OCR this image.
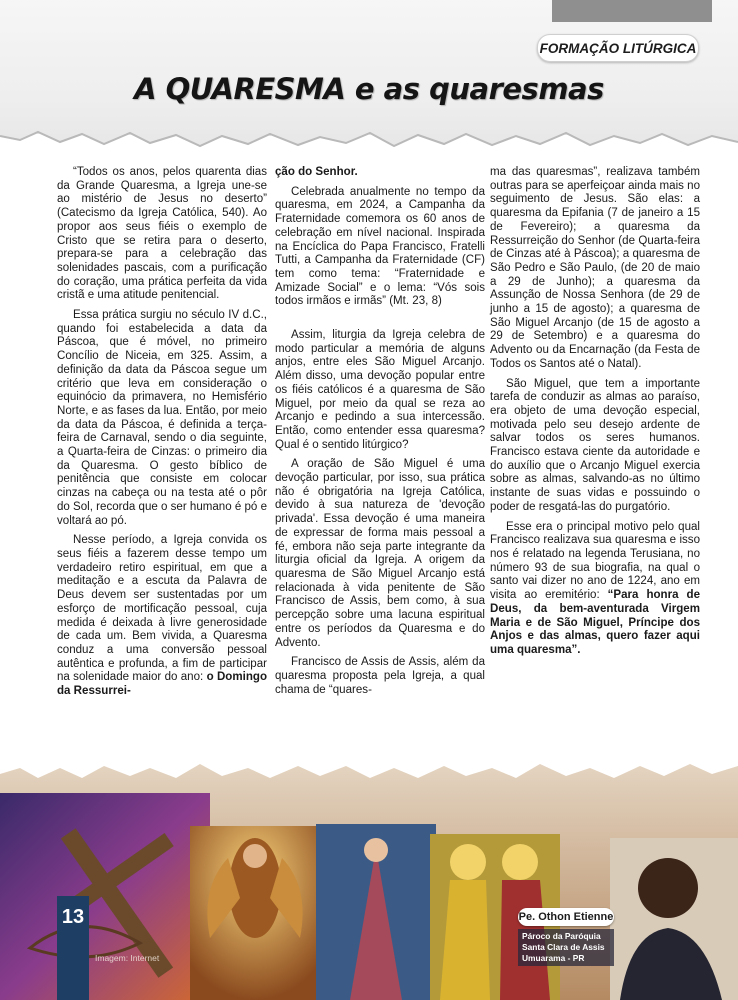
FORMAÇÃO LITÚRGICA
A QUARESMA e as quaresmas

“Todos os anos, pelos quarenta dias da Grande Quaresma, a Igreja une-se ao mistério de Jesus no deserto” (Catecismo da Igreja Católica, 540). Ao propor aos seus fiéis o exemplo de Cristo que se retira para o deserto, prepara-se para a celebração das solenidades pascais, com a purificação do coração, uma prática perfeita da vida cristã e uma atitude penitencial.

Essa prática surgiu no século IV d.C., quando foi estabelecida a data da Páscoa, que é móvel, no primeiro Concílio de Niceia, em 325. Assim, a definição da data da Páscoa segue um critério que leva em consideração o equinócio da primavera, no Hemisfério Norte, e as fases da lua. Então, por meio da data da Páscoa, é definida a terça-feira de Carnaval, sendo o dia seguinte, a Quarta-feira de Cinzas: o primeiro dia da Quaresma. O gesto bíblico de penitência que consiste em colocar cinzas na cabeça ou na testa até o pôr do Sol, recorda que o ser humano é pó e voltará ao pó.

Nesse período, a Igreja convida os seus fiéis a fazerem desse tempo um verdadeiro retiro espiritual, em que a meditação e a escuta da Palavra de Deus devem ser sustentadas por um esforço de mortificação pessoal, cuja medida é deixada à livre generosidade de cada um. Bem vivida, a Quaresma conduz a uma conversão pessoal autêntica e profunda, a fim de participar na solenidade maior do ano: o Domingo da Ressurrei-

ção do Senhor.

Celebrada anualmente no tempo da quaresma, em 2024, a Campanha da Fraternidade comemora os 60 anos de celebração em nível nacional. Inspirada na Encíclica do Papa Francisco, Fratelli Tutti, a Campanha da Fraternidade (CF) tem como tema: “Fraternidade e Amizade Social” e o lema: “Vós sois todos irmãos e irmãs” (Mt. 23, 8)

Assim, liturgia da Igreja celebra de modo particular a memória de alguns anjos, entre eles São Miguel Arcanjo. Além disso, uma devoção popular entre os fiéis católicos é a quaresma de São Miguel, por meio da qual se reza ao Arcanjo e pedindo a sua intercessão. Então, como entender essa quaresma? Qual é o sentido litúrgico?

A oração de São Miguel é uma devoção particular, por isso, sua prática não é obrigatória na Igreja Católica, devido à sua natureza de 'devoção privada'. Essa devoção é uma maneira de expressar de forma mais pessoal a fé, embora não seja parte integrante da liturgia oficial da Igreja. A origem da quaresma de São Miguel Arcanjo está relacionada à vida penitente de São Francisco de Assis, bem como, à sua percepção sobre uma lacuna espiritual entre os períodos da Quaresma e do Advento.

Francisco de Assis de Assis, além da quaresma proposta pela Igreja, a qual chama de “quares-

ma das quaresmas”, realizava também outras para se aperfeiçoar ainda mais no seguimento de Jesus. São elas: a quaresma da Epifania (7 de janeiro a 15 de Fevereiro); a quaresma da Ressurreição do Senhor (de Quarta-feira de Cinzas até à Páscoa); a quaresma de São Pedro e São Paulo, (de 20 de maio a 29 de Junho); a quaresma da Assunção de Nossa Senhora (de 29 de junho a 15 de agosto); a quaresma de São Miguel Arcanjo (de 15 de agosto a 29 de Setembro) e a quaresma do Advento ou da Encarnação (da Festa de Todos os Santos até o Natal).

São Miguel, que tem a importante tarefa de conduzir as almas ao paraíso, era objeto de uma devoção especial, motivada pelo seu desejo ardente de salvar todos os seres humanos. Francisco estava ciente da autoridade e do auxílio que o Arcanjo Miguel exercia sobre as almas, salvando-as no último instante de suas vidas e possuindo o poder de resgatá-las do purgatório.

Esse era o principal motivo pelo qual Francisco realizava sua quaresma e isso nos é relatado na legenda Terusiana, no número 93 de sua biografia, na qual o santo vai dizer no ano de 1224, ano em visita ao eremitério: “Para honra de Deus, da bem-aventurada Virgem Maria e de São Miguel, Príncipe dos Anjos e das almas, quero fazer aqui uma quaresma”.

13
Imagem: Internet
Pe. Othon Etienne
Pároco da Paróquia
Santa Clara de Assis
Umuarama - PR
